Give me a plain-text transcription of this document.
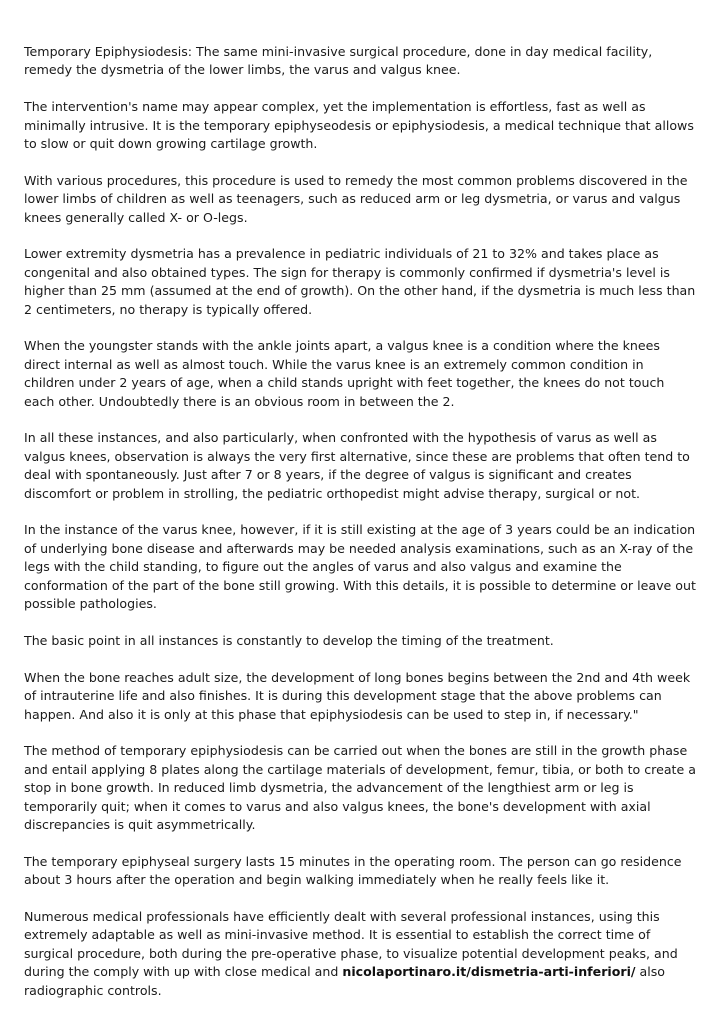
Temporary Epiphysiodesis: The same mini-invasive surgical procedure, done in day medical facility, remedy the dysmetria of the lower limbs, the varus and valgus knee.

The intervention's name may appear complex, yet the implementation is effortless, fast as well as minimally intrusive. It is the temporary epiphyseodesis or epiphysiodesis, a medical technique that allows to slow or quit down growing cartilage growth.

With various procedures, this procedure is used to remedy the most common problems discovered in the lower limbs of children as well as teenagers, such as reduced arm or leg dysmetria, or varus and valgus knees generally called X- or O-legs.

Lower extremity dysmetria has a prevalence in pediatric individuals of 21 to 32% and takes place as congenital and also obtained types. The sign for therapy is commonly confirmed if dysmetria's level is higher than 25 mm (assumed at the end of growth). On the other hand, if the dysmetria is much less than 2 centimeters, no therapy is typically offered.

When the youngster stands with the ankle joints apart, a valgus knee is a condition where the knees direct internal as well as almost touch. While the varus knee is an extremely common condition in children under 2 years of age, when a child stands upright with feet together, the knees do not touch each other. Undoubtedly there is an obvious room in between the 2.

In all these instances, and also particularly, when confronted with the hypothesis of varus as well as valgus knees, observation is always the very first alternative, since these are problems that often tend to deal with spontaneously. Just after 7 or 8 years, if the degree of valgus is significant and creates discomfort or problem in strolling, the pediatric orthopedist might advise therapy, surgical or not.

In the instance of the varus knee, however, if it is still existing at the age of 3 years could be an indication of underlying bone disease and afterwards may be needed analysis examinations, such as an X-ray of the legs with the child standing, to figure out the angles of varus and also valgus and examine the conformation of the part of the bone still growing. With this details, it is possible to determine or leave out possible pathologies.

The basic point in all instances is constantly to develop the timing of the treatment.

When the bone reaches adult size, the development of long bones begins between the 2nd and 4th week of intrauterine life and also finishes. It is during this development stage that the above problems can happen. And also it is only at this phase that epiphysiodesis can be used to step in, if necessary."

The method of temporary epiphysiodesis can be carried out when the bones are still in the growth phase and entail applying 8 plates along the cartilage materials of development, femur, tibia, or both to create a stop in bone growth. In reduced limb dysmetria, the advancement of the lengthiest arm or leg is temporarily quit; when it comes to varus and also valgus knees, the bone's development with axial discrepancies is quit asymmetrically.

The temporary epiphyseal surgery lasts 15 minutes in the operating room. The person can go residence about 3 hours after the operation and begin walking immediately when he really feels like it.

Numerous medical professionals have efficiently dealt with several professional instances, using this extremely adaptable as well as mini-invasive method. It is essential to establish the correct time of surgical procedure, both during the pre-operative phase, to visualize potential development peaks, and during the comply with up with close medical and nicolaportinaro.it/dismetria-arti-inferiori/ also radiographic controls.
